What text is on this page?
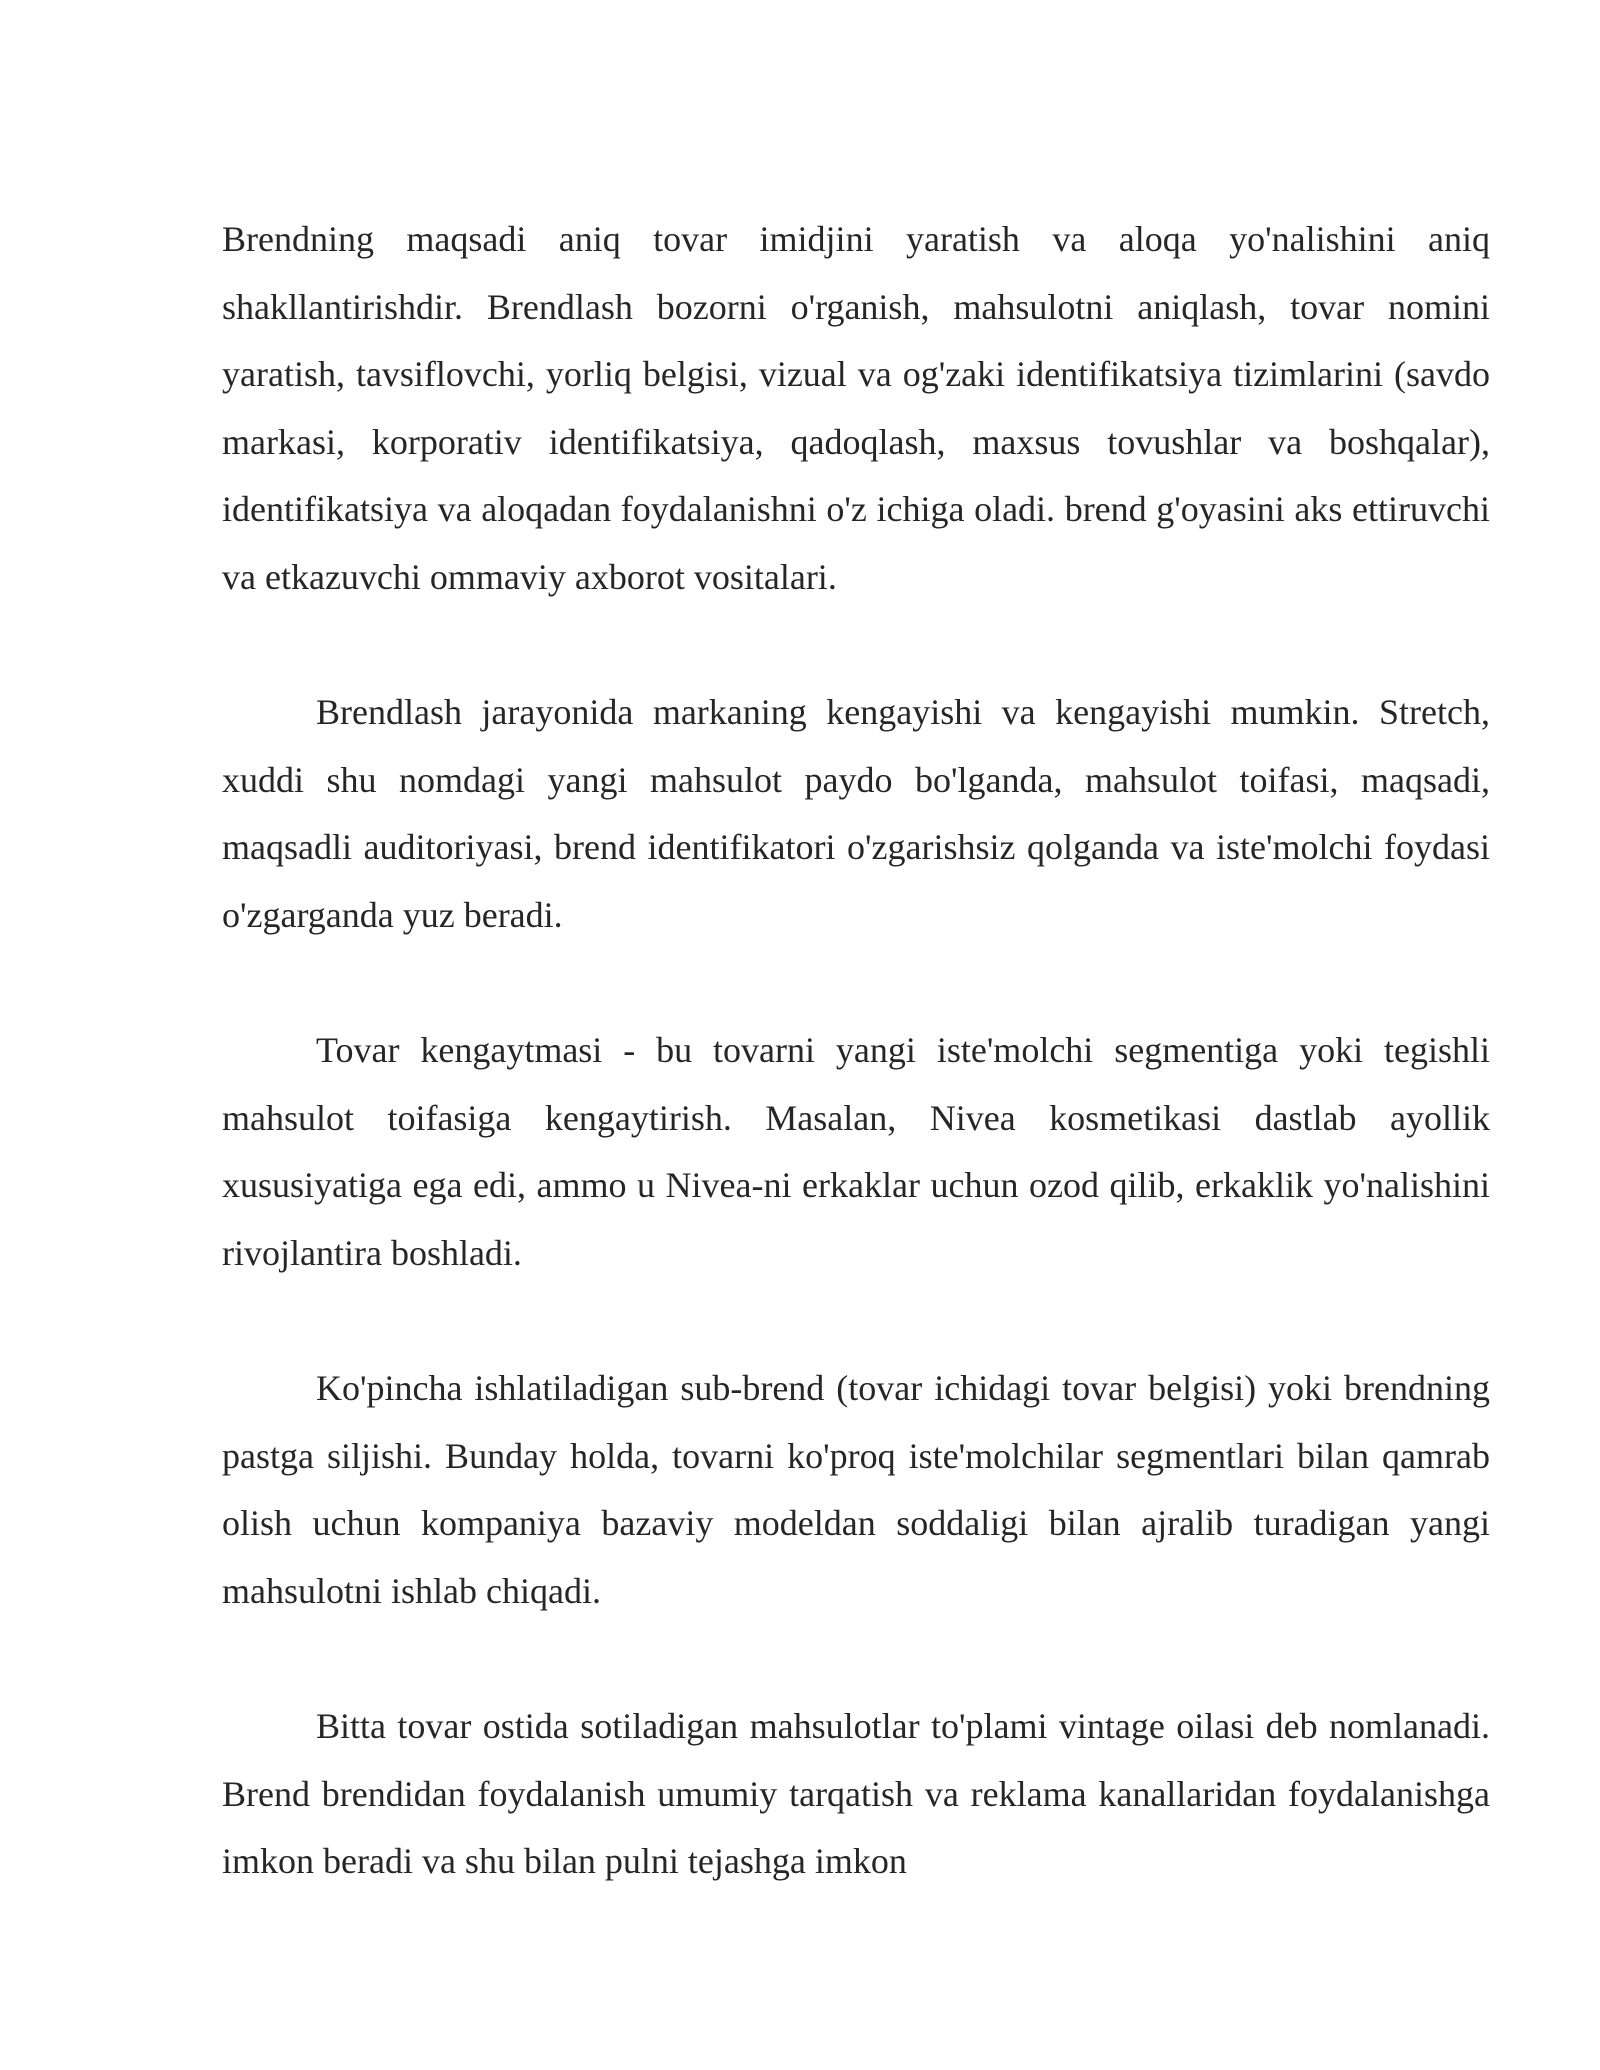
Brendning maqsadi aniq tovar imidjini yaratish va aloqa yo'nalishini aniq shakllantirishdir. Brendlash bozorni o'rganish, mahsulotni aniqlash, tovar nomini yaratish, tavsiflovchi, yorliq belgisi, vizual va og'zaki identifikatsiya tizimlarini (savdo markasi, korporativ identifikatsiya, qadoqlash, maxsus tovushlar va boshqalar), identifikatsiya va aloqadan foydalanishni o'z ichiga oladi. brend g'oyasini aks ettiruvchi va etkazuvchi ommaviy axborot vositalari.

Brendlash jarayonida markaning kengayishi va kengayishi mumkin. Stretch, xuddi shu nomdagi yangi mahsulot paydo bo'lganda, mahsulot toifasi, maqsadi, maqsadli auditoriyasi, brend identifikatori o'zgarishsiz qolganda va iste'molchi foydasi o'zgarganda yuz beradi.

Tovar kengaytmasi - bu tovarni yangi iste'molchi segmentiga yoki tegishli mahsulot toifasiga kengaytirish. Masalan, Nivea kosmetikasi dastlab ayollik xususiyatiga ega edi, ammo u Nivea-ni erkaklar uchun ozod qilib, erkaklik yo'nalishini rivojlantira boshladi.

Ko'pincha ishlatiladigan sub-brend (tovar ichidagi tovar belgisi) yoki brendning pastga siljishi. Bunday holda, tovarni ko'proq iste'molchilar segmentlari bilan qamrab olish uchun kompaniya bazaviy modeldan soddaligi bilan ajralib turadigan yangi mahsulotni ishlab chiqadi.

Bitta tovar ostida sotiladigan mahsulotlar to'plami vintage oilasi deb nomlanadi. Brend brendidan foydalanish umumiy tarqatish va reklama kanallaridan foydalanishga imkon beradi va shu bilan pulni tejashga imkon
